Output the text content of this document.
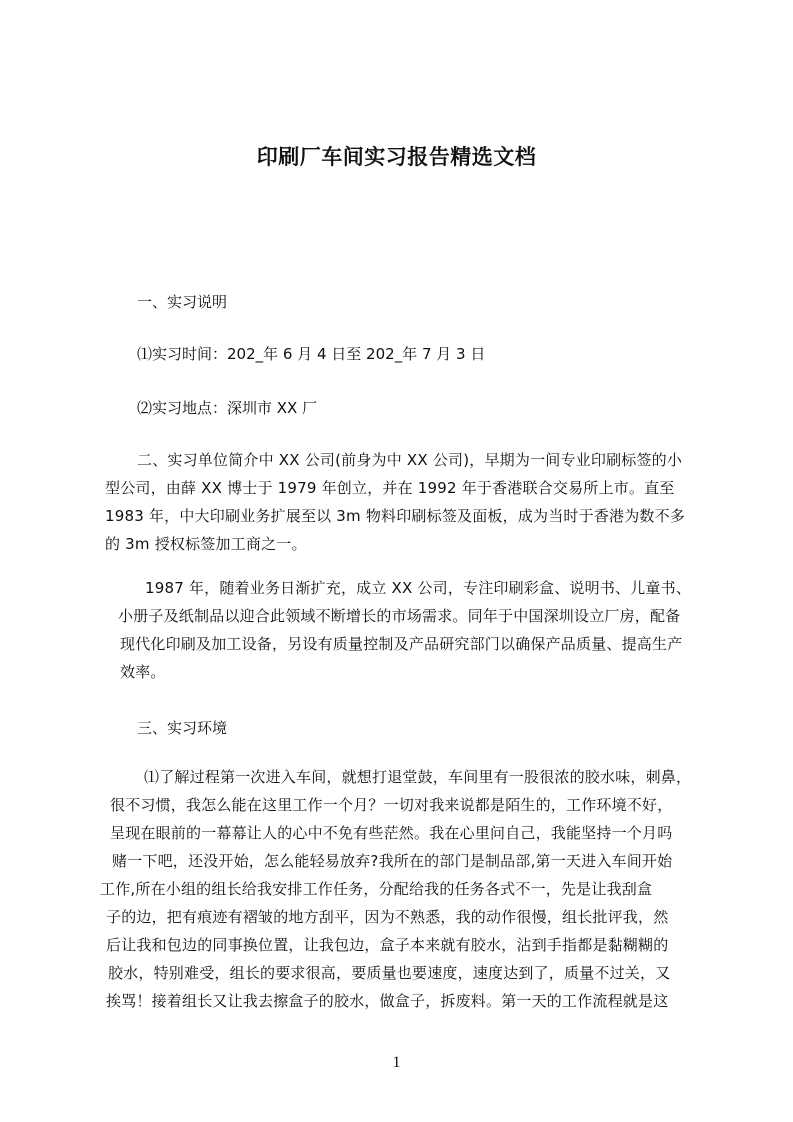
印刷厂车间实习报告精选文档
一、实习说明
⑴实习时间：202_年 6 月 4 日至 202_年 7 月 3 日
⑵实习地点：深圳市 XX 厂
二、实习单位简介中 XX 公司(前身为中 XX 公司)，早期为一间专业印刷标签的小
型公司，由薛 XX 博士于 1979 年创立，并在 1992 年于香港联合交易所上市。直至
1983 年，中大印刷业务扩展至以 3m 物料印刷标签及面板，成为当时于香港为数不多
的 3m 授权标签加工商之一。
1987 年，随着业务日渐扩充，成立 XX 公司，专注印刷彩盒、说明书、儿童书、
小册子及纸制品以迎合此领域不断增长的市场需求。同年于中国深圳设立厂房，配备
现代化印刷及加工设备，另设有质量控制及产品研究部门以确保产品质量、提高生产
效率。
三、实习环境
⑴了解过程第一次进入车间，就想打退堂鼓，车间里有一股很浓的胶水味，刺鼻，
很不习惯，我怎么能在这里工作一个月？一切对我来说都是陌生的，工作环境不好，
呈现在眼前的一幕幕让人的心中不免有些茫然。我在心里问自己，我能坚持一个月吗
赌一下吧，还没开始，怎么能轻易放弃?我所在的部门是制品部,第一天进入车间开始
工作,所在小组的组长给我安排工作任务，分配给我的任务各式不一，先是让我刮盒
子的边，把有痕迹有褶皱的地方刮平，因为不熟悉，我的动作很慢，组长批评我，然
后让我和包边的同事换位置，让我包边，盒子本来就有胶水，沾到手指都是黏糊糊的
胶水，特别难受，组长的要求很高，要质量也要速度，速度达到了，质量不过关，又
挨骂！接着组长又让我去擦盒子的胶水，做盒子，拆废料。第一天的工作流程就是这
1
